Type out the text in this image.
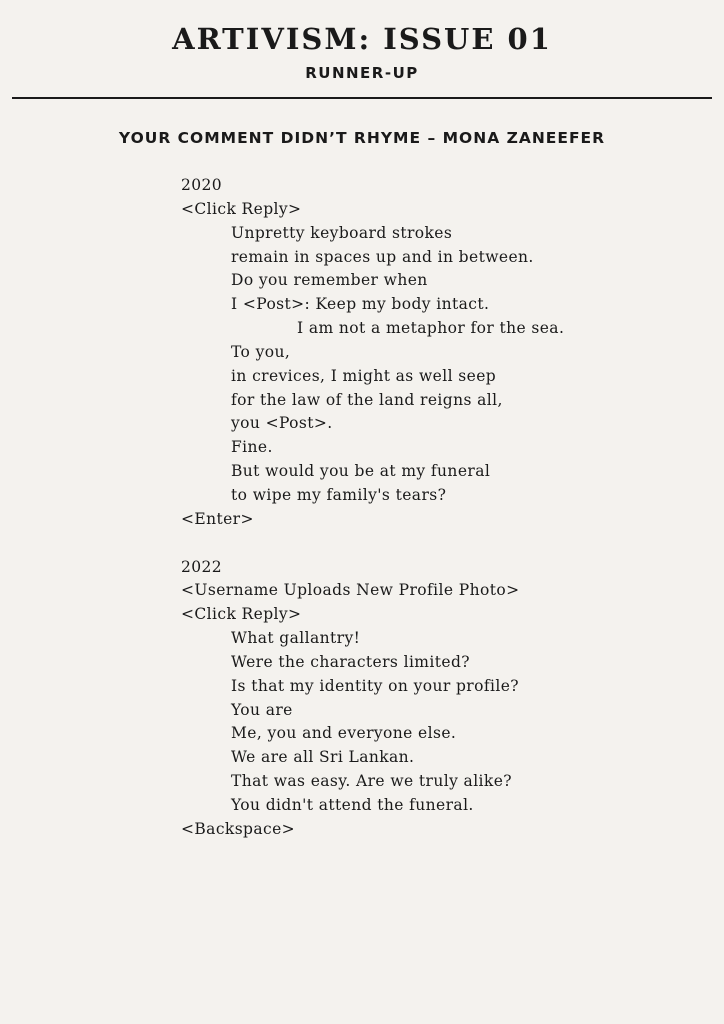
ARTIVISM: ISSUE 01
RUNNER-UP
YOUR COMMENT DIDN’T RHYME – MONA ZANEEFER
2020
<Click Reply>
Unpretty keyboard strokes
remain in spaces up and in between.
Do you remember when
I <Post>: Keep my body intact.
I am not a metaphor for the sea.
To you,
in crevices, I might as well seep
for the law of the land reigns all,
you <Post>.
Fine.
But would you be at my funeral
to wipe my family's tears?
<Enter>
2022
<Username Uploads New Profile Photo>
<Click Reply>
What gallantry!
Were the characters limited?
Is that my identity on your profile?
You are
Me, you and everyone else.
We are all Sri Lankan.
That was easy. Are we truly alike?
You didn't attend the funeral.
<Backspace>
